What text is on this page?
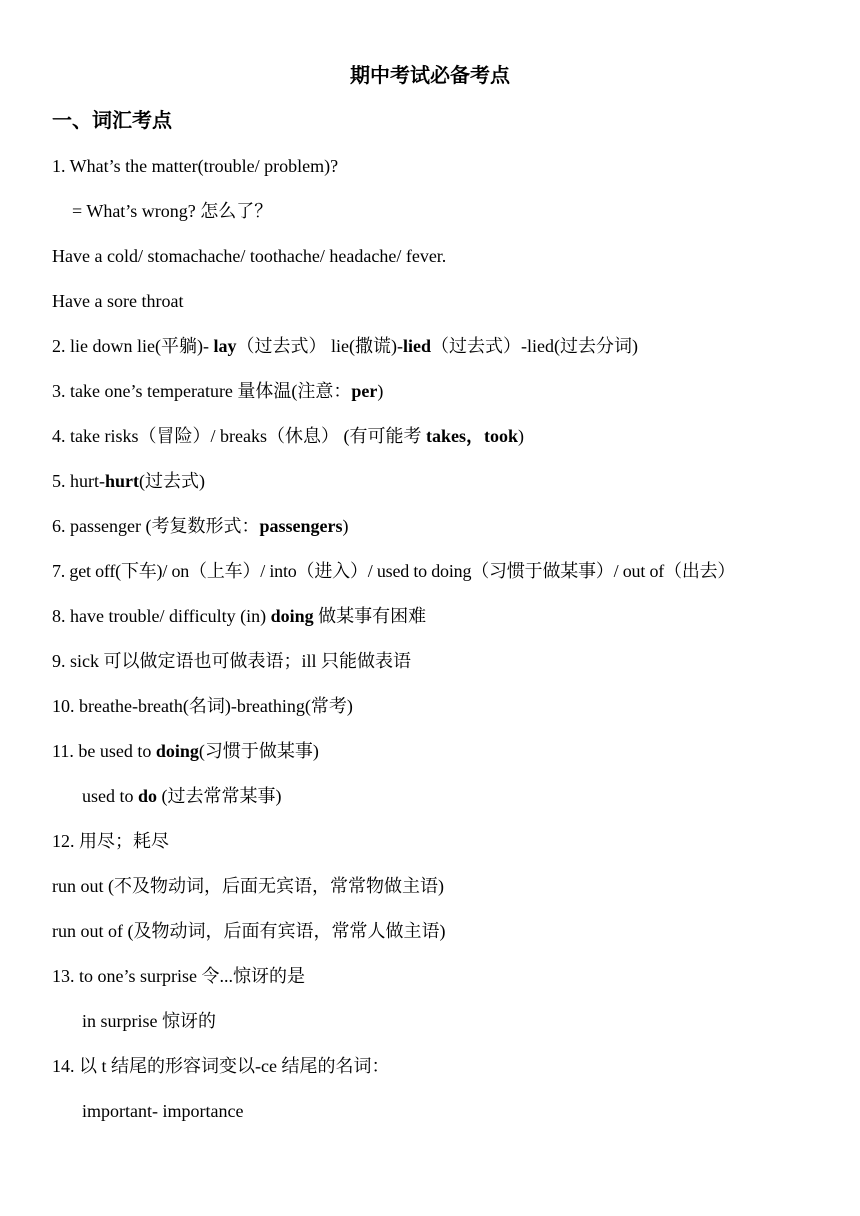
期中考试必备考点
一、词汇考点
1. What’s the matter(trouble/ problem)?
= What’s wrong? 怎么了？
Have a cold/ stomachache/ toothache/ headache/ fever.
Have a sore throat
2. lie down lie(平躺)- lay（过去式） lie(撒谎)-lied（过去式）-lied(过去分词)
3. take one’s temperature 量体温(注意：per)
4. take risks（冒险）/ breaks（休息） (有可能考 takes，took)
5. hurt-hurt(过去式)
6. passenger (考复数形式：passengers)
7. get off(下车)/ on（上车）/ into（进入）/ used to doing（习惯于做某事）/ out of（出去）
8. have trouble/ difficulty (in) doing 做某事有困难
9. sick 可以做定语也可做表语；ill 只能做表语
10. breathe-breath(名词)-breathing(常考)
11. be used to doing(习惯于做某事)
used to do (过去常常某事)
12. 用尽；耗尽
run out (不及物动词，后面无宾语，常常物做主语)
run out of (及物动词，后面有宾语，常常人做主语)
13. to one’s surprise 令...惊讶的是
in surprise 惊讶的
14. 以 t 结尾的形容词变以-ce 结尾的名词：
important- importance
